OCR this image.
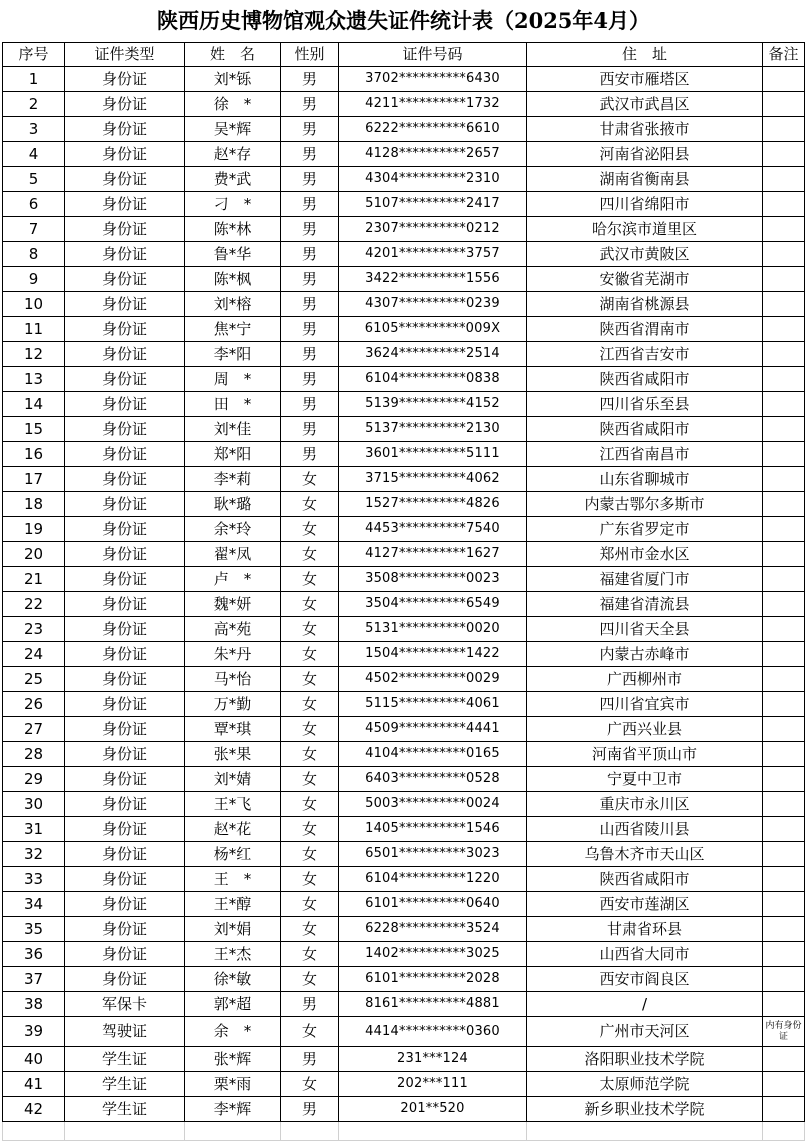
陕西历史博物馆观众遗失证件统计表（2025年4月）
序号	证件类型	姓　名	性别	证件号码	住　址	备注
1	身份证	刘*铄	男	3702**********6430	西安市雁塔区	
2	身份证	徐　*	男	4211**********1732	武汉市武昌区	
3	身份证	吴*辉	男	6222**********6610	甘肃省张掖市	
4	身份证	赵*存	男	4128**********2657	河南省泌阳县	
5	身份证	费*武	男	4304**********2310	湖南省衡南县	
6	身份证	刁　*	男	5107**********2417	四川省绵阳市	
7	身份证	陈*林	男	2307**********0212	哈尔滨市道里区	
8	身份证	鲁*华	男	4201**********3757	武汉市黄陂区	
9	身份证	陈*枫	男	3422**********1556	安徽省芜湖市	
10	身份证	刘*榕	男	4307**********0239	湖南省桃源县	
11	身份证	焦*宁	男	6105**********009X	陕西省渭南市	
12	身份证	李*阳	男	3624**********2514	江西省吉安市	
13	身份证	周　*	男	6104**********0838	陕西省咸阳市	
14	身份证	田　*	男	5139**********4152	四川省乐至县	
15	身份证	刘*佳	男	5137**********2130	陕西省咸阳市	
16	身份证	郑*阳	男	3601**********5111	江西省南昌市	
17	身份证	李*莉	女	3715**********4062	山东省聊城市	
18	身份证	耿*璐	女	1527**********4826	内蒙古鄂尔多斯市	
19	身份证	余*玲	女	4453**********7540	广东省罗定市	
20	身份证	翟*凤	女	4127**********1627	郑州市金水区	
21	身份证	卢　*	女	3508**********0023	福建省厦门市	
22	身份证	魏*妍	女	3504**********6549	福建省清流县	
23	身份证	高*苑	女	5131**********0020	四川省天全县	
24	身份证	朱*丹	女	1504**********1422	内蒙古赤峰市	
25	身份证	马*怡	女	4502**********0029	广西柳州市	
26	身份证	万*勤	女	5115**********4061	四川省宜宾市	
27	身份证	覃*琪	女	4509**********4441	广西兴业县	
28	身份证	张*果	女	4104**********0165	河南省平顶山市	
29	身份证	刘*婧	女	6403**********0528	宁夏中卫市	
30	身份证	王*飞	女	5003**********0024	重庆市永川区	
31	身份证	赵*花	女	1405**********1546	山西省陵川县	
32	身份证	杨*红	女	6501**********3023	乌鲁木齐市天山区	
33	身份证	王　*	女	6104**********1220	陕西省咸阳市	
34	身份证	王*醇	女	6101**********0640	西安市莲湖区	
35	身份证	刘*娟	女	6228**********3524	甘肃省环县	
36	身份证	王*杰	女	1402**********3025	山西省大同市	
37	身份证	徐*敏	女	6101**********2028	西安市阎良区	
38	军保卡	郭*超	男	8161**********4881	/	
39	驾驶证	余　*	女	4414**********0360	广州市天河区	内有身份证
40	学生证	张*辉	男	231***124	洛阳职业技术学院	
41	学生证	栗*雨	女	202***111	太原师范学院	
42	学生证	李*辉	男	201**520	新乡职业技术学院	
